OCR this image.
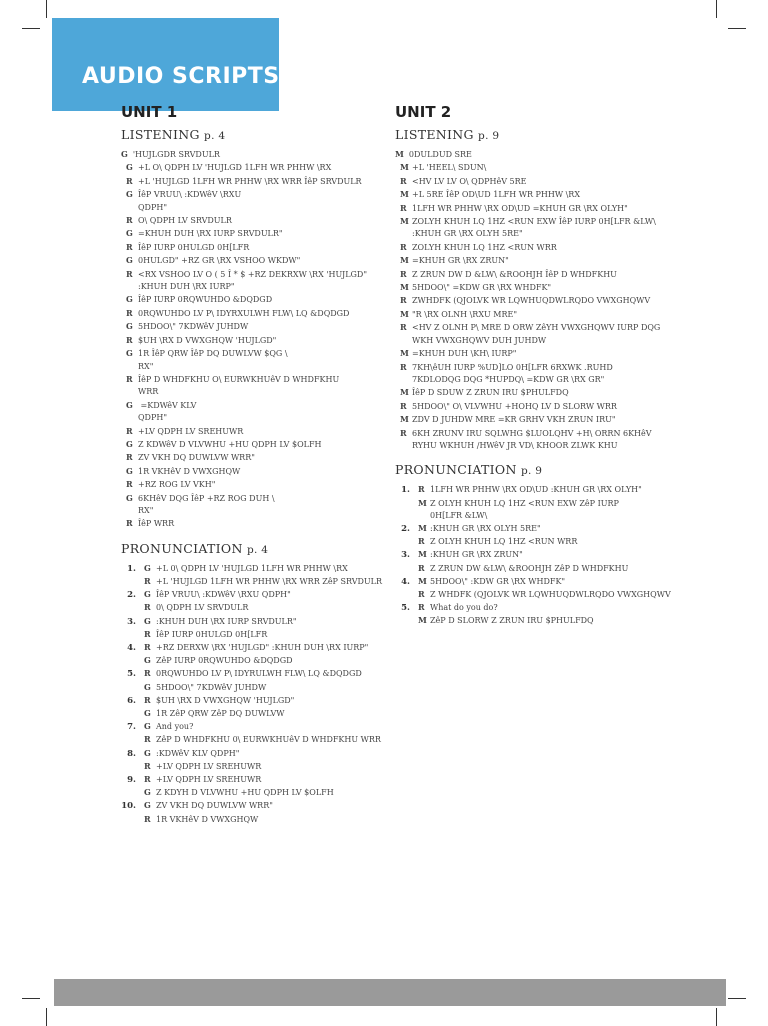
AUDIO SCRIPTS
UNIT 1
LISTENING p. 4
G 'HUJLGDR SRVDULR
G +L O\ QDPH LV 'HUJLGD 1LFH WR PHHW \RX
R +L 'HUJLGD 1LFH WR PHHW \RX WRR ÎêP SRVDULR
G ÎêP VRUU\ :KDWêV \RXU
QDPH"
R O\ QDPH LV SRVDULR
G =KHUH DUH \RX IURP SRVDULR"
R ÎêP IURP 0HULGD 0H[LFR
G 0HULGD" +RZ GR \RX VSHOO WKDW"
R <RX VSHOO LV O ( 5 Î * $ +RZ DEKRXW \RX 'HUJLGD"
:KHUH DUH \RX IURP"
G ÎêP IURP 0RQWUHDO &DQDGD
R 0RQWUHDO LV P\ IDYRXULWH FLW\ LQ &DQDGD
G 5HDOO\" 7KDWêV JUHDW
R $UH \RX D VWXGHQW 'HUJLGD"
G 1R ÎêP QRW ÎêP DQ DUWLVW $QG \
RX"
R ÎêP D WHDFKHU O\ EURWKHUêV D WHDFKHU
WRR
G =KDWêV KLV
QDPH"
R +LV QDPH LV SREHUWR
G Z KDWêV D VLVWHU +HU QDPH LV $OLFH
R ZV VKH DQ DUWLVW WRR"
G 1R VKHêV D VWXGHQW
R +RZ ROG LV VKH"
G 6KHêV DQG ÎêP +RZ ROG DUH \
RX"
R ÎêP WRR
PRONUNCIATION p. 4
1. G +L 0\ QDPH LV 'HUJLGD 1LFH WR PHHW \RX
R +L 'HUJLGD 1LFH WR PHHW \RX WRR ZêP SRVDULR
2. G ÎêP VRUU\ :KDWêV \RXU QDPH"
R 0\ QDPH LV SRVDULR
3. G :KHUH DUH \RX IURP SRVDULR"
R ÎêP IURP 0HULGD 0H[LFR
4. R +RZ DERXW \RX 'HUJLGD" :KHUH DUH \RX IURP"
G ZêP IURP 0RQWUHDO &DQDGD
5. R 0RQWUHDO LV P\ IDYRULWH FLW\ LQ &DQDGD
G 5HDOO\" 7KDWêV JUHDW
6. R $UH \RX D VWXGHQW 'HUJLGD"
G 1R ZêP QRW ZêP DQ DUWLVW
7. G And you?
R ZêP D WHDFKHU 0\ EURWKHUêV D WHDFKHU WRR
8. G :KDWêV KLV QDPH"
R +LV QDPH LV SREHUWR
9. R +LV QDPH LV SREHUWR
G Z KDYH D VLVWHU +HU QDPH LV $OLFH
10. G ZV VKH DQ DUWLVW WRR"
R 1R VKHêV D VWXGHQW
UNIT 2
LISTENING p. 9
M 0DULDUD SRE
M +L 'HEEL\ SDUN\
R <HV LV LV O\ QDPHêV 5RE
M +L 5RE ÎêP OD\UD 1LFH WR PHHW \RX
R 1LFH WR PHHW \RX OD\UD =KHUH GR \RX OLYH"
M ZOLYH KHUH LQ 1HZ <RUN EXW ÎêP IURP 0H[LFR &LW\
:KHUH GR \RX OLYH 5RE"
R ZOLYH KHUH LQ 1HZ <RUN WRR
M =KHUH GR \RX ZRUN"
R Z ZRUN DW D &LW\ &ROOHJH ÎêP D WHDFKHU
M 5HDOO\" =KDW GR \RX WHDFK"
R ZWHDFK (QJOLVK WR LQWHUQDWLRQDO VWXGHQWV
M "R \RX OLNH \RXU MRE"
R <HV Z OLNH P\ MRE D ORW ZêYH VWXGHQWV IURP DQG
WKH VWXGHQWV DUH JUHDW
M =KHUH DUH \KH\ IURP"
R 7KH\êUH IURP %UD]LO 0H[LFR 6RXWK .RUHD
7KDLODQG DQG *HUPDQ\ =KDW GR \RX GR"
M ÎêP D SDUW Z ZRUN IRU $PHULFDQ
R 5HDOO\" O\ VLVWHU +HOHQ LV D SLORW WRR
M ZDV D JUHDW MRE =KR GRHV VKH ZRUN IRU"
R 6KH ZRUNV IRU SQLWHG $LUOLQHV +H\ ORRN 6KHêV
RYHU WKHUH /HWêV JR VD\ KHOOR ZLWK KHU
PRONUNCIATION p. 9
1. R 1LFH WR PHHW \RX OD\UD :KHUH GR \RX OLYH"
M Z OLYH KHUH LQ 1HZ <RUN EXW ZêP IURP
0H[LFR &LW\
2. M :KHUH GR \RX OLYH 5RE"
R Z OLYH KHUH LQ 1HZ <RUN WRR
3. M :KHUH GR \RX ZRUN"
R Z ZRUN DW &LW\ &ROOHJH ZêP D WHDFKHU
4. M 5HDOO\" :KDW GR \RX WHDFK"
R Z WHDFK (QJOLVK WR LQWHUQDWLRQDO VWXGHQWV
5. R What do you do?
M ZêP D SLORW Z ZRUN IRU $PHULFDQ
